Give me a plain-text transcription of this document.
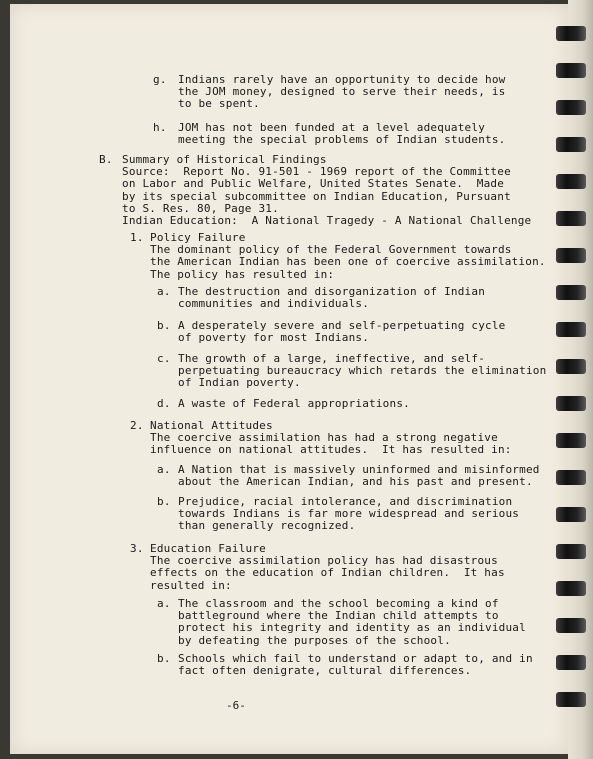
g. Indians rarely have an opportunity to decide how
the JOM money, designed to serve their needs, is
to be spent.
h. JOM has not been funded at a level adequately
meeting the special problems of Indian students.
B. Summary of Historical Findings
Source:  Report No. 91-501 - 1969 report of the Committee
on Labor and Public Welfare, United States Senate.  Made
by its special subcommittee on Indian Education, Pursuant
to S. Res. 80, Page 31.
Indian Education:  A National Tragedy - A National Challenge
1. Policy Failure
The dominant policy of the Federal Government towards
the American Indian has been one of coercive assimilation.
The policy has resulted in:
a. The destruction and disorganization of Indian
communities and individuals.
b. A desperately severe and self-perpetuating cycle
of poverty for most Indians.
c. The growth of a large, ineffective, and self-
perpetuating bureaucracy which retards the elimination
of Indian poverty.
d. A waste of Federal appropriations.
2. National Attitudes
The coercive assimilation has had a strong negative
influence on national attitudes.  It has resulted in:
a. A Nation that is massively uninformed and misinformed
about the American Indian, and his past and present.
b. Prejudice, racial intolerance, and discrimination
towards Indians is far more widespread and serious
than generally recognized.
3. Education Failure
The coercive assimilation policy has had disastrous
effects on the education of Indian children.  It has
resulted in:
a. The classroom and the school becoming a kind of
battleground where the Indian child attempts to
protect his integrity and identity as an individual
by defeating the purposes of the school.
b. Schools which fail to understand or adapt to, and in
fact often denigrate, cultural differences.
-6-
